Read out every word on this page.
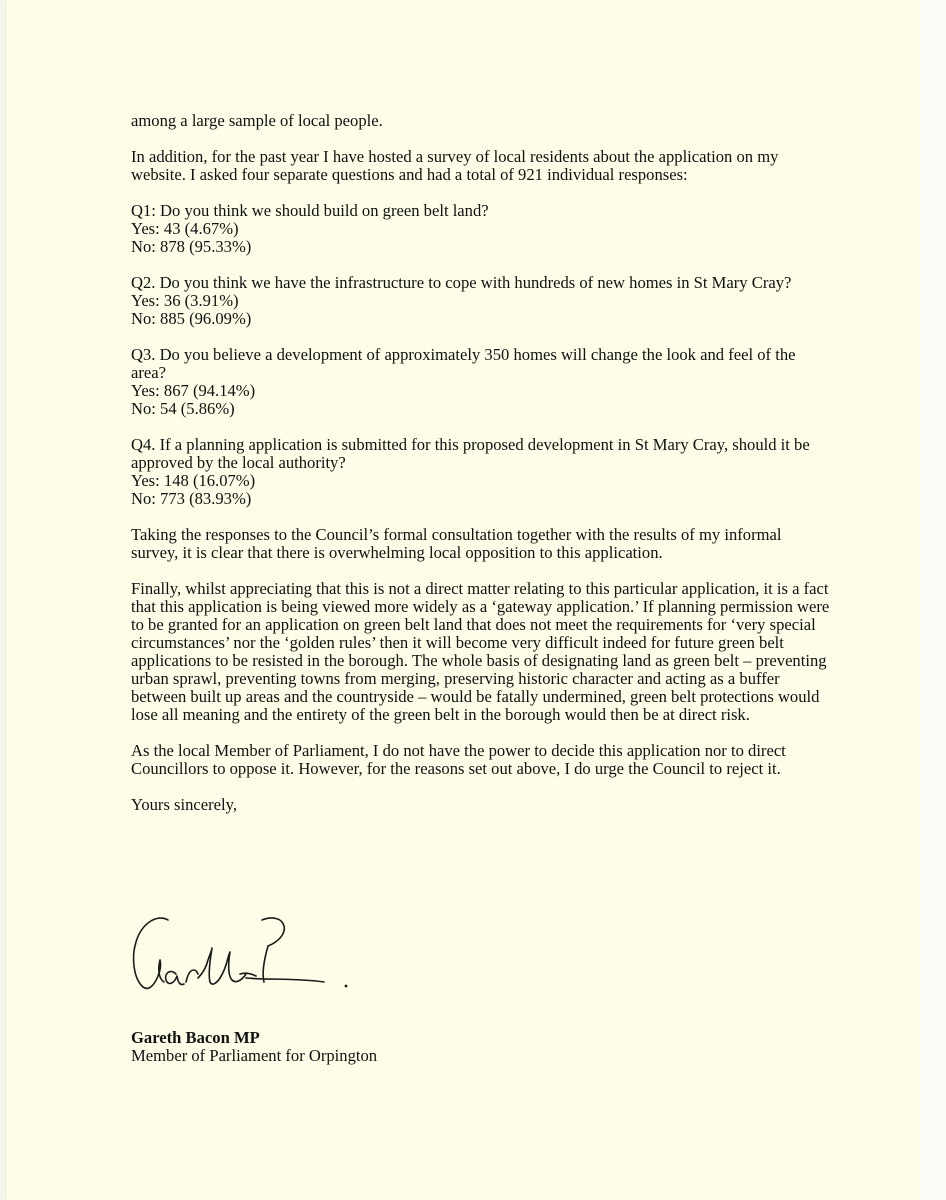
among a large sample of local people.

In addition, for the past year I have hosted a survey of local residents about the application on my website. I asked four separate questions and had a total of 921 individual responses:

Q1: Do you think we should build on green belt land?
Yes: 43 (4.67%)
No: 878 (95.33%)
Q2. Do you think we have the infrastructure to cope with hundreds of new homes in St Mary Cray?
Yes: 36 (3.91%)
No: 885 (96.09%)
Q3. Do you believe a development of approximately 350 homes will change the look and feel of the area?
Yes: 867 (94.14%)
No: 54 (5.86%)
Q4. If a planning application is submitted for this proposed development in St Mary Cray, should it be approved by the local authority?
Yes: 148 (16.07%)
No: 773 (83.93%)

Taking the responses to the Council’s formal consultation together with the results of my informal survey, it is clear that there is overwhelming local opposition to this application.

Finally, whilst appreciating that this is not a direct matter relating to this particular application, it is a fact that this application is being viewed more widely as a ‘gateway application.’ If planning permission were to be granted for an application on green belt land that does not meet the requirements for ‘very special circumstances’ nor the ‘golden rules’ then it will become very difficult indeed for future green belt applications to be resisted in the borough. The whole basis of designating land as green belt – preventing urban sprawl, preventing towns from merging, preserving historic character and acting as a buffer between built up areas and the countryside – would be fatally undermined, green belt protections would lose all meaning and the entirety of the green belt in the borough would then be at direct risk.

As the local Member of Parliament, I do not have the power to decide this application nor to direct Councillors to oppose it. However, for the reasons set out above, I do urge the Council to reject it.

Yours sincerely,

Gareth Bacon MP
Member of Parliament for Orpington
